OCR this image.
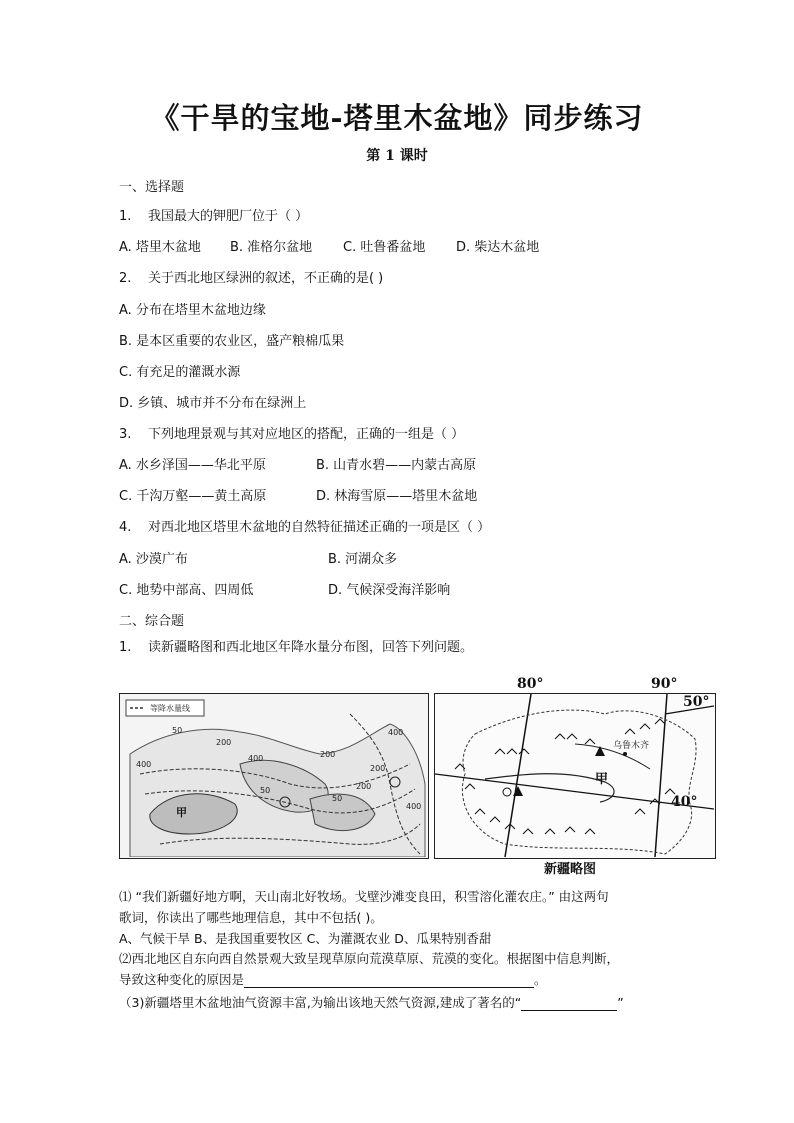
《干旱的宝地-塔里木盆地》同步练习
第 1 课时
一、选择题
1. 我国最大的钾肥厂位于（ ）
A. 塔里木盆地 B. 准格尔盆地 C. 吐鲁番盆地 D. 柴达木盆地
2. 关于西北地区绿洲的叙述，不正确的是( )
A. 分布在塔里木盆地边缘
B. 是本区重要的农业区，盛产粮棉瓜果
C. 有充足的灌溉水源
D. 乡镇、城市并不分布在绿洲上
3. 下列地理景观与其对应地区的搭配，正确的一组是（ ）
A. 水乡泽国——华北平原	B. 山青水碧——内蒙古高原
C. 千沟万壑——黄土高原	D. 林海雪原——塔里木盆地
4. 对西北地区塔里木盆地的自然特征描述正确的一项是区（ ）
A. 沙漠广布	B. 河湖众多
C. 地势中部高、四周低	D. 气候深受海洋影响
二、综合题
1. 读新疆略图和西北地区年降水量分布图，回答下列问题。
等降水量线
50
200
400
400
400
50
50
200
200
400
200
甲
80°	90°
50°
40°
乌鲁木齐
甲
新疆略图
⑴ “我们新疆好地方啊，天山南北好牧场。戈壁沙滩变良田，积雪溶化灌农庄。” 由这两句
歌词，你读出了哪些地理信息，其中不包括( )。
A、气候干旱 B、是我国重要牧区 C、为灌溉农业 D、瓜果特别香甜
⑵西北地区自东向西自然景观大致呈现草原向荒漠草原、荒漠的变化。根据图中信息判断，
导致这种变化的原因是	。
（3)新疆塔里木盆地油气资源丰富,为输出该地天然气资源,建成了著名的“	”
